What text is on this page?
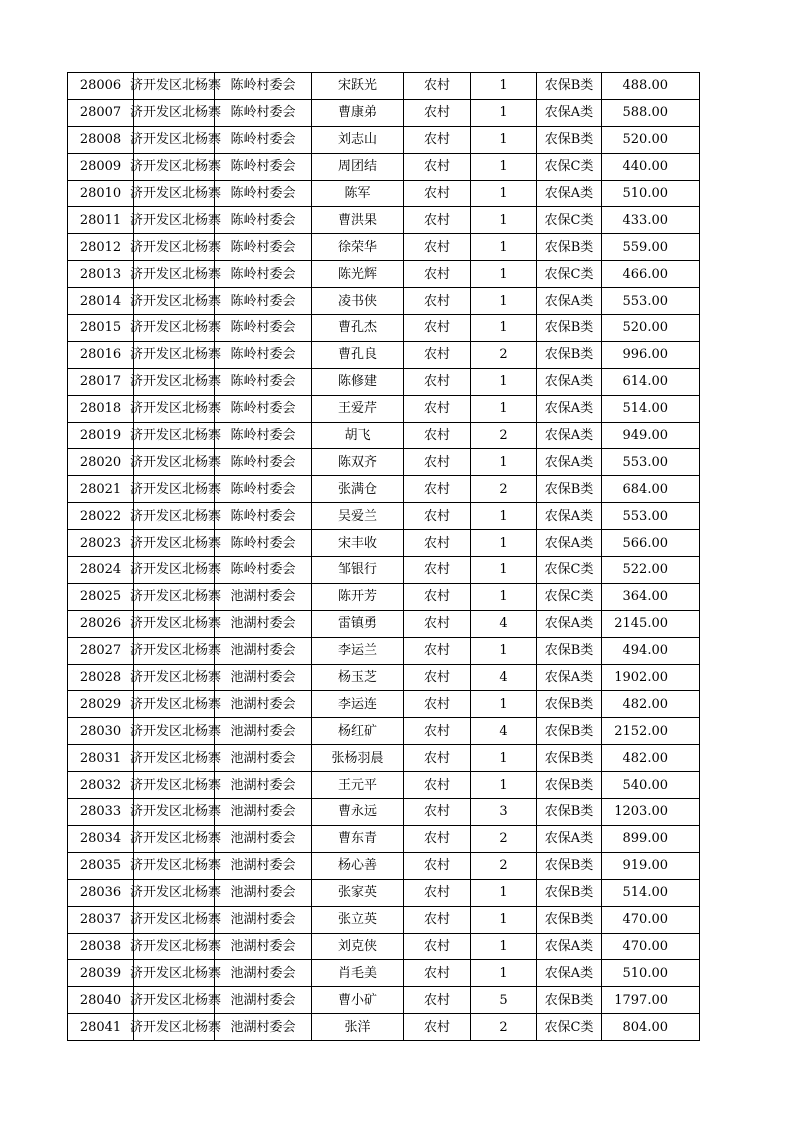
28006	济开发区北杨寨	陈岭村委会	宋跃光	农村	1	农保B类	488.00
28007	济开发区北杨寨	陈岭村委会	曹康弟	农村	1	农保A类	588.00
28008	济开发区北杨寨	陈岭村委会	刘志山	农村	1	农保B类	520.00
28009	济开发区北杨寨	陈岭村委会	周团结	农村	1	农保C类	440.00
28010	济开发区北杨寨	陈岭村委会	陈军	农村	1	农保A类	510.00
28011	济开发区北杨寨	陈岭村委会	曹洪果	农村	1	农保C类	433.00
28012	济开发区北杨寨	陈岭村委会	徐荣华	农村	1	农保B类	559.00
28013	济开发区北杨寨	陈岭村委会	陈光辉	农村	1	农保C类	466.00
28014	济开发区北杨寨	陈岭村委会	凌书侠	农村	1	农保A类	553.00
28015	济开发区北杨寨	陈岭村委会	曹孔杰	农村	1	农保B类	520.00
28016	济开发区北杨寨	陈岭村委会	曹孔良	农村	2	农保B类	996.00
28017	济开发区北杨寨	陈岭村委会	陈修建	农村	1	农保A类	614.00
28018	济开发区北杨寨	陈岭村委会	王爱芹	农村	1	农保A类	514.00
28019	济开发区北杨寨	陈岭村委会	胡飞	农村	2	农保A类	949.00
28020	济开发区北杨寨	陈岭村委会	陈双齐	农村	1	农保A类	553.00
28021	济开发区北杨寨	陈岭村委会	张满仓	农村	2	农保B类	684.00
28022	济开发区北杨寨	陈岭村委会	吴爱兰	农村	1	农保A类	553.00
28023	济开发区北杨寨	陈岭村委会	宋丰收	农村	1	农保A类	566.00
28024	济开发区北杨寨	陈岭村委会	邹银行	农村	1	农保C类	522.00
28025	济开发区北杨寨	池湖村委会	陈开芳	农村	1	农保C类	364.00
28026	济开发区北杨寨	池湖村委会	雷镇勇	农村	4	农保A类	2145.00
28027	济开发区北杨寨	池湖村委会	李运兰	农村	1	农保B类	494.00
28028	济开发区北杨寨	池湖村委会	杨玉芝	农村	4	农保A类	1902.00
28029	济开发区北杨寨	池湖村委会	李运连	农村	1	农保B类	482.00
28030	济开发区北杨寨	池湖村委会	杨红矿	农村	4	农保B类	2152.00
28031	济开发区北杨寨	池湖村委会	张杨羽晨	农村	1	农保B类	482.00
28032	济开发区北杨寨	池湖村委会	王元平	农村	1	农保B类	540.00
28033	济开发区北杨寨	池湖村委会	曹永远	农村	3	农保B类	1203.00
28034	济开发区北杨寨	池湖村委会	曹东青	农村	2	农保A类	899.00
28035	济开发区北杨寨	池湖村委会	杨心善	农村	2	农保B类	919.00
28036	济开发区北杨寨	池湖村委会	张家英	农村	1	农保B类	514.00
28037	济开发区北杨寨	池湖村委会	张立英	农村	1	农保B类	470.00
28038	济开发区北杨寨	池湖村委会	刘克侠	农村	1	农保A类	470.00
28039	济开发区北杨寨	池湖村委会	肖毛美	农村	1	农保A类	510.00
28040	济开发区北杨寨	池湖村委会	曹小矿	农村	5	农保B类	1797.00
28041	济开发区北杨寨	池湖村委会	张洋	农村	2	农保C类	804.00
